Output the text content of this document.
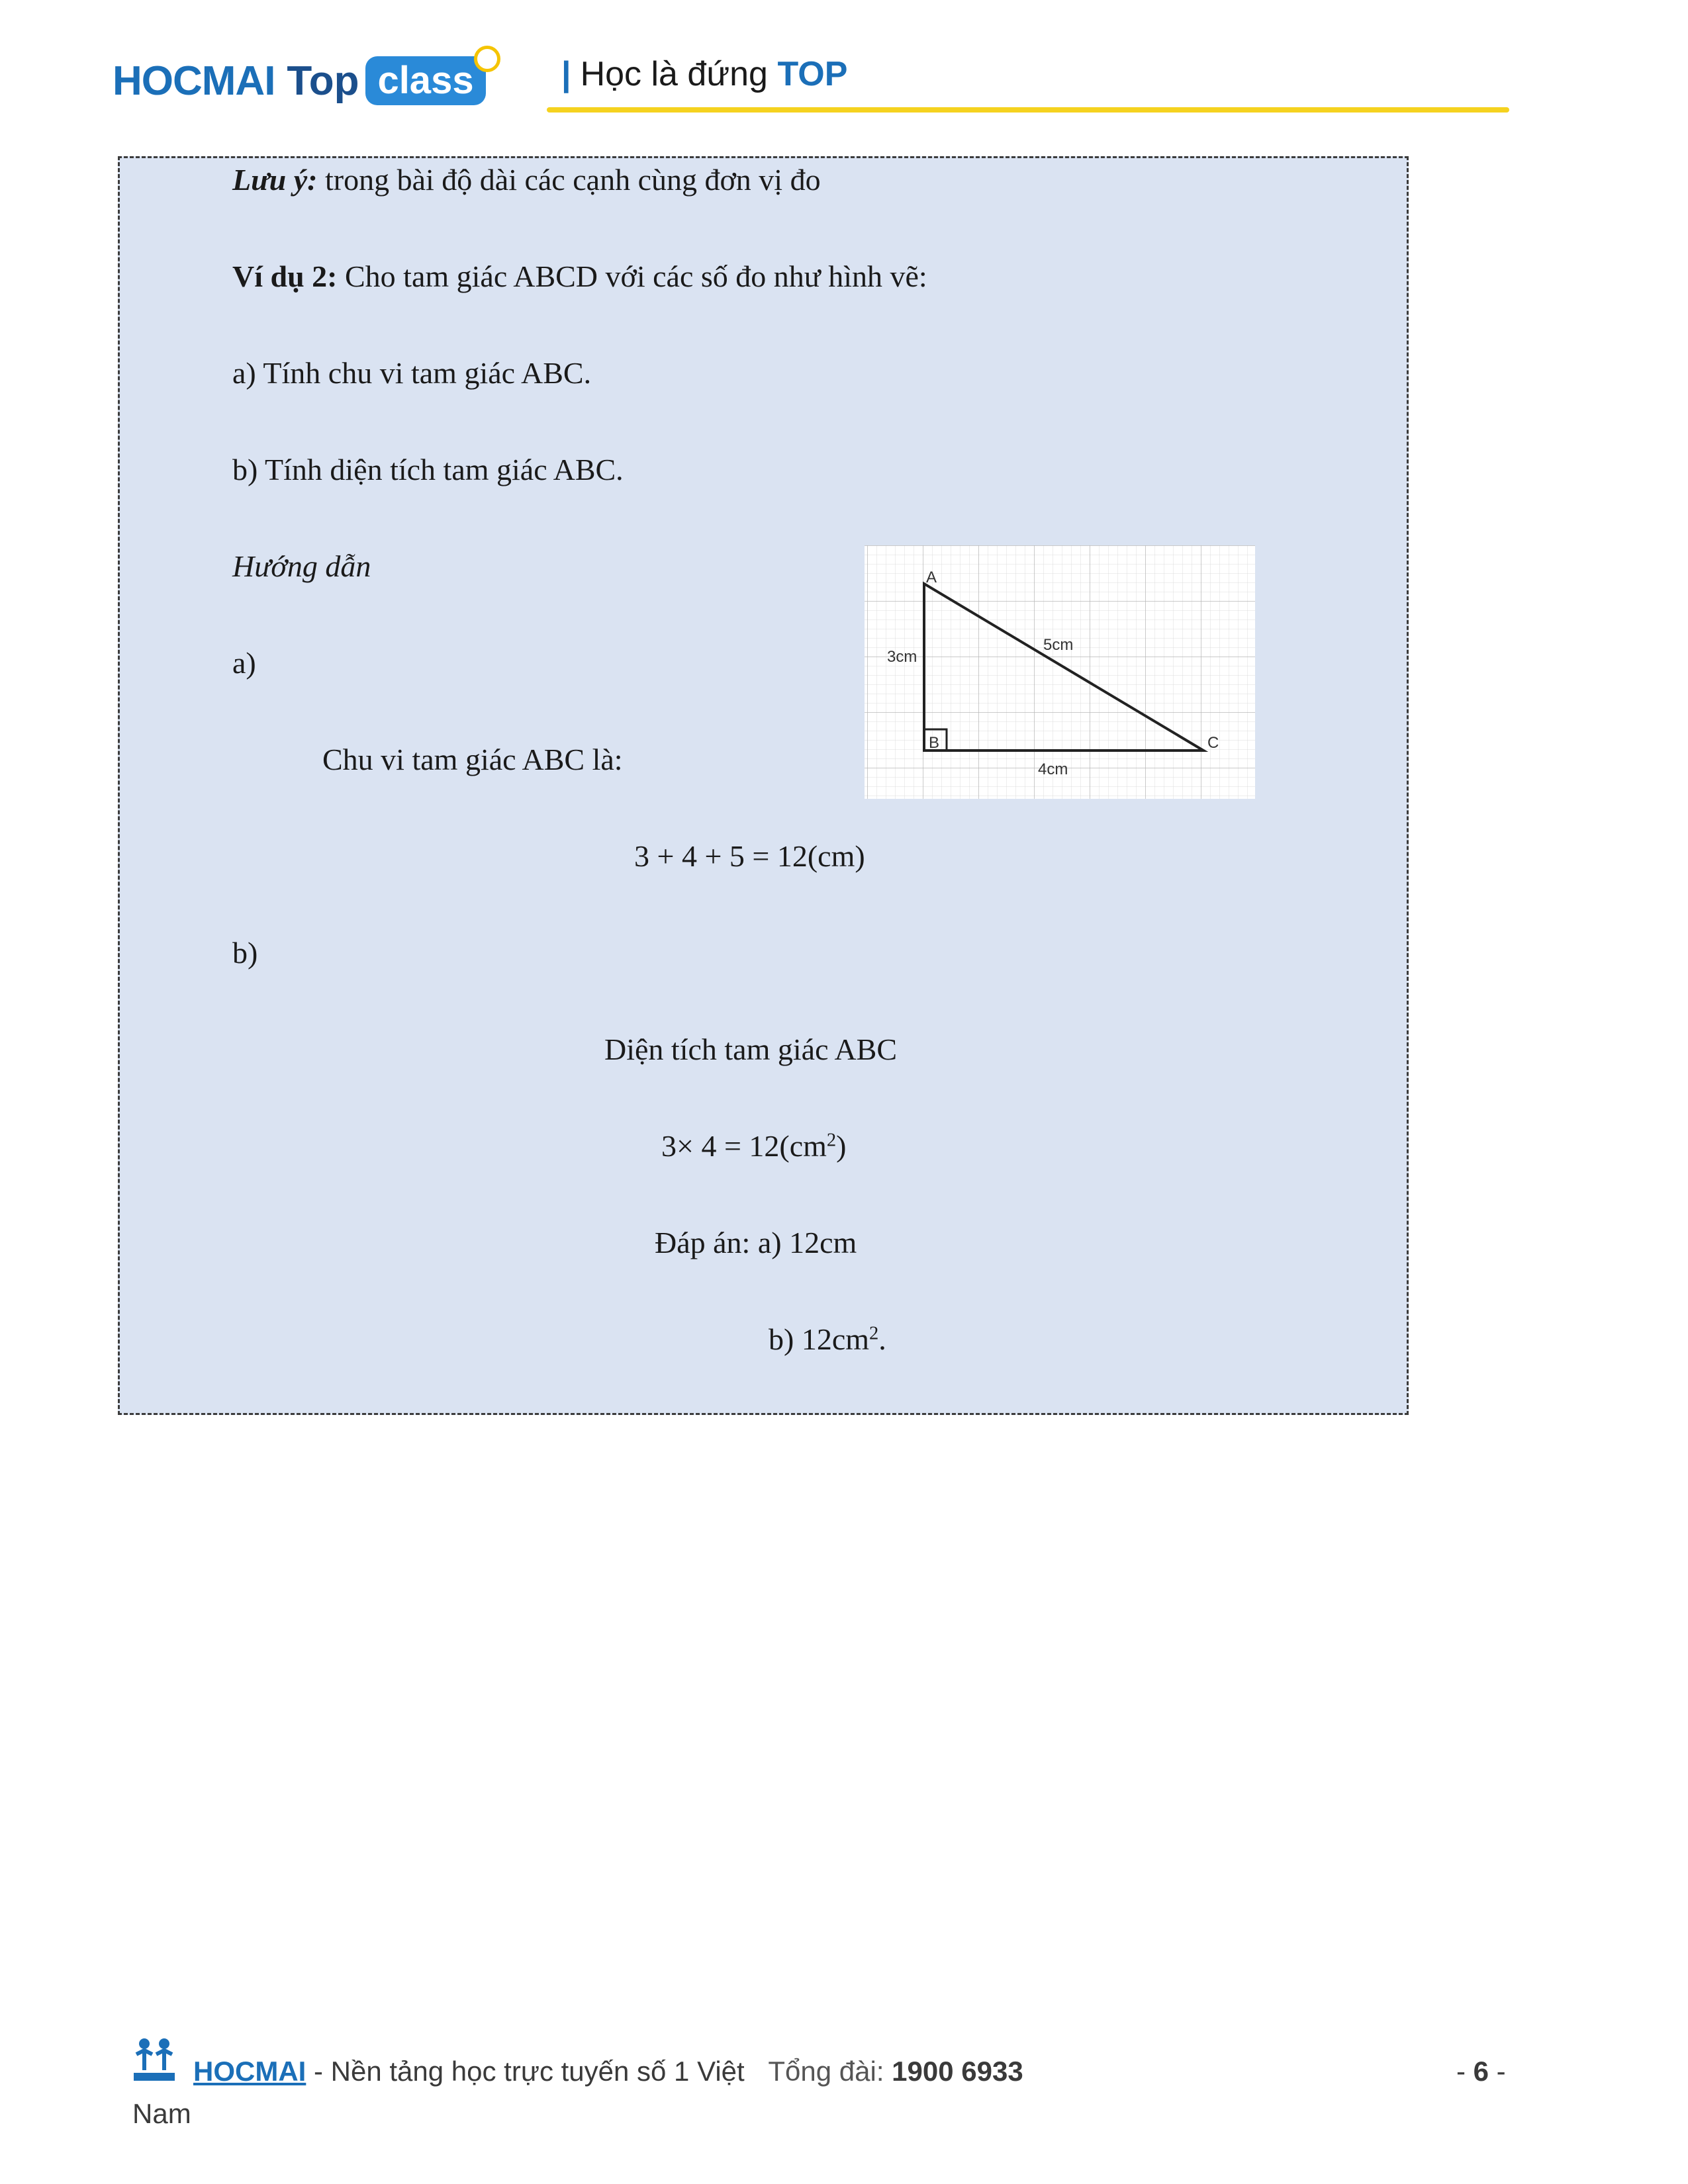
HOCMAI Top class	| Học là đứng TOP
Lưu ý: trong bài độ dài các cạnh cùng đơn vị đo
Ví dụ 2: Cho tam giác ABCD với các số đo như hình vẽ:
a) Tính chu vi tam giác ABC.
b) Tính diện tích tam giác ABC.
Hướng dẫn
a)
Chu vi tam giác ABC là:
3 + 4 + 5 = 12(cm)
b)
Diện tích tam giác ABC
$3\times 4 = 12(cm^2)$
Đáp án: a) 12cm
b) $12cm^2$.
A
B	C
3cm
4cm
5cm
HOCMAI - Nền tảng học trực tuyến số 1 Việt Tổng đài: 1900 6933
Nam
- 6 -
